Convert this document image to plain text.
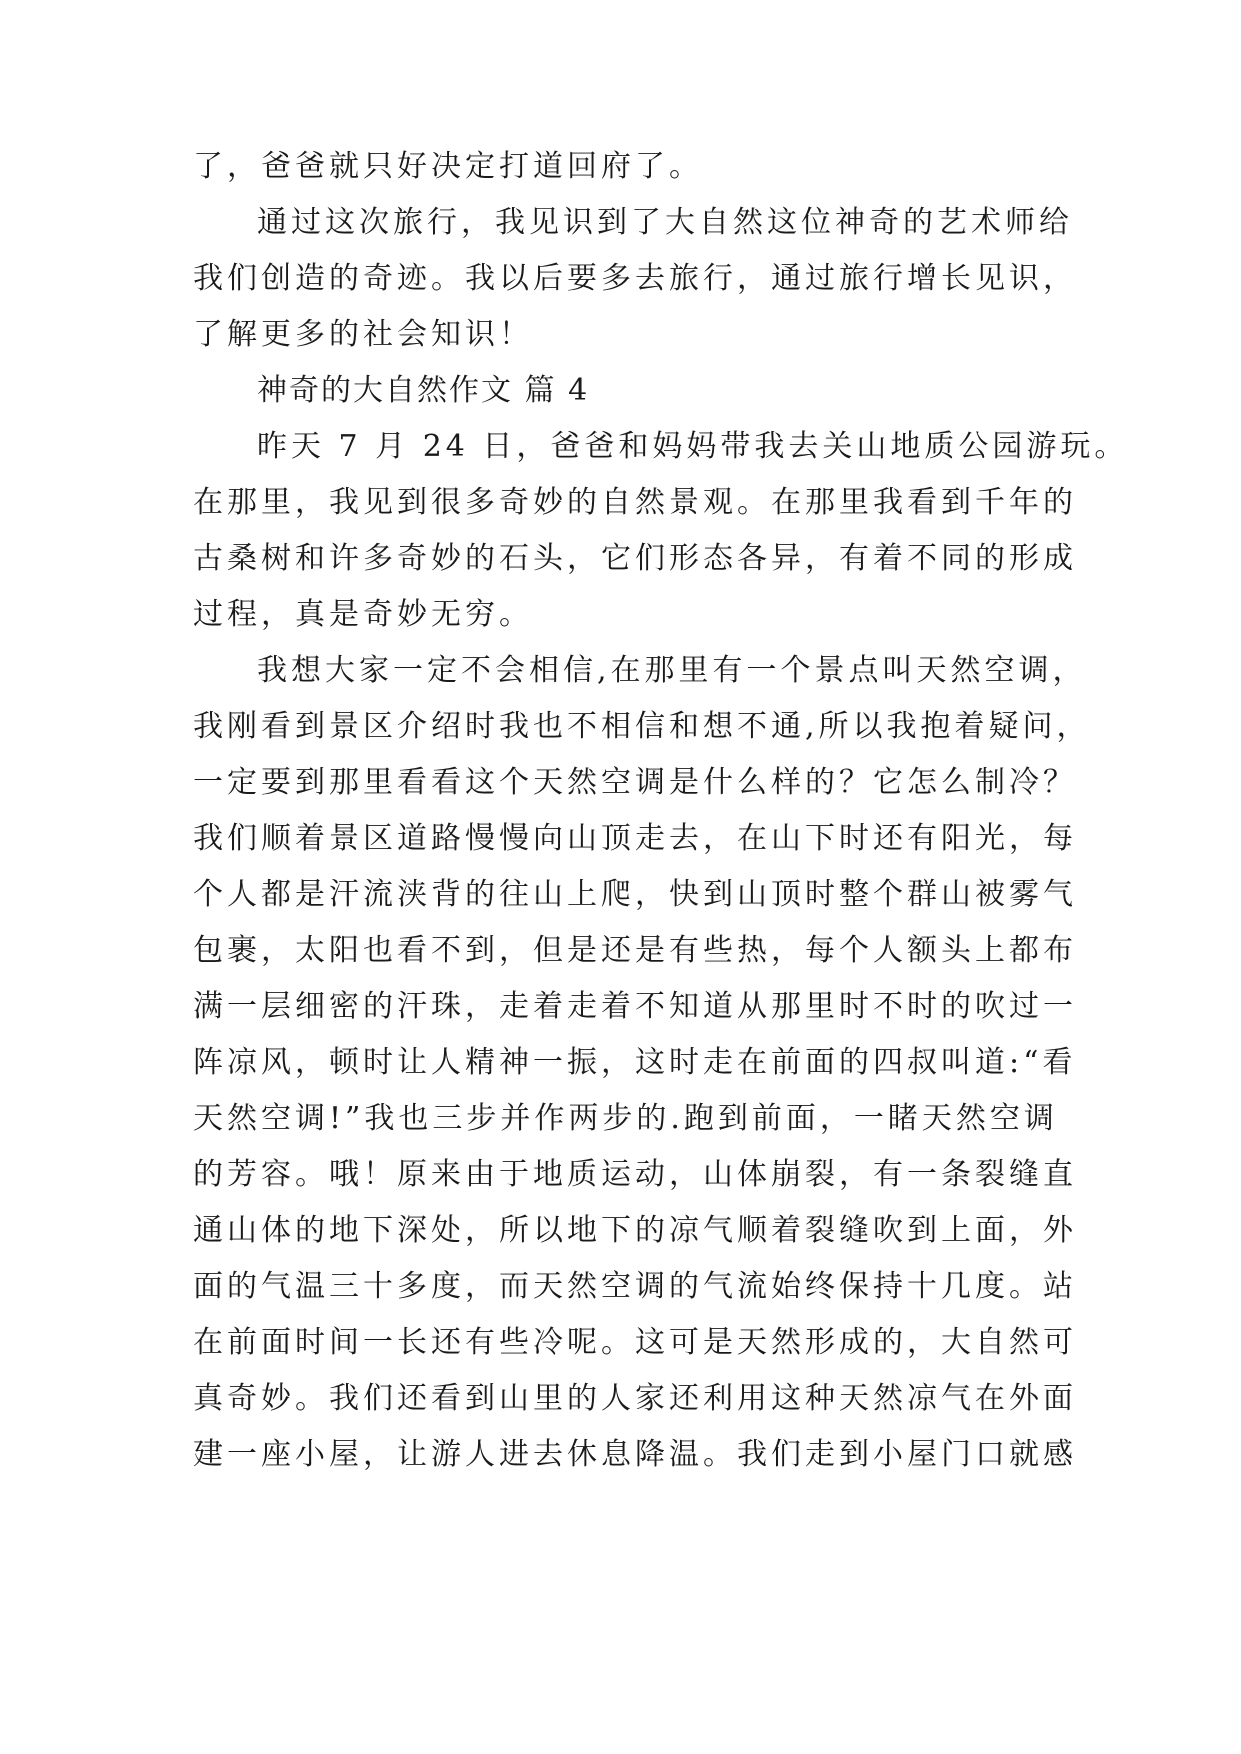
了，爸爸就只好决定打道回府了。
通过这次旅行，我见识到了大自然这位神奇的艺术师给
我们创造的奇迹。我以后要多去旅行，通过旅行增长见识，
了解更多的社会知识！
神奇的大自然作文 篇 4
昨天 7 月 24 日，爸爸和妈妈带我去关山地质公园游玩。
在那里，我见到很多奇妙的自然景观。在那里我看到千年的
古桑树和许多奇妙的石头，它们形态各异，有着不同的形成
过程，真是奇妙无穷。
我想大家一定不会相信,在那里有一个景点叫天然空调，
我刚看到景区介绍时我也不相信和想不通,所以我抱着疑问，
一定要到那里看看这个天然空调是什么样的？它怎么制冷？
我们顺着景区道路慢慢向山顶走去，在山下时还有阳光，每
个人都是汗流浃背的往山上爬，快到山顶时整个群山被雾气
包裹，太阳也看不到，但是还是有些热，每个人额头上都布
满一层细密的汗珠，走着走着不知道从那里时不时的吹过一
阵凉风，顿时让人精神一振，这时走在前面的四叔叫道:“看
天然空调!”我也三步并作两步的.跑到前面，一睹天然空调
的芳容。哦！原来由于地质运动，山体崩裂，有一条裂缝直
通山体的地下深处，所以地下的凉气顺着裂缝吹到上面，外
面的气温三十多度，而天然空调的气流始终保持十几度。站
在前面时间一长还有些冷呢。这可是天然形成的，大自然可
真奇妙。我们还看到山里的人家还利用这种天然凉气在外面
建一座小屋，让游人进去休息降温。我们走到小屋门口就感
